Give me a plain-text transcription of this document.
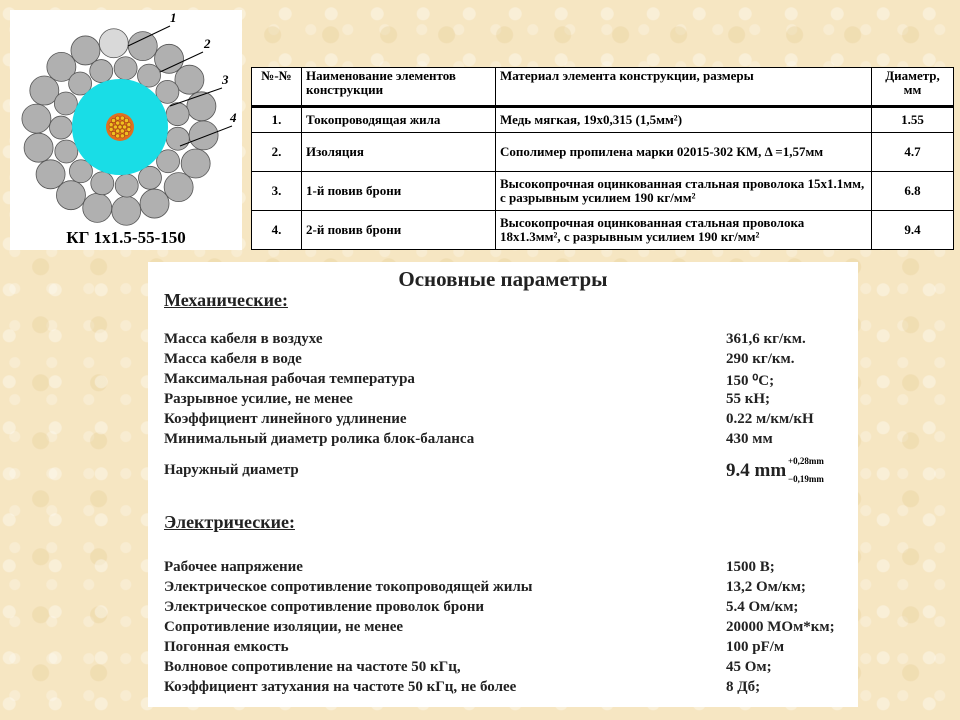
1
2
3
4
КГ 1х1.5-55-150
№-№	Наименование элементов конструкции	Материал элемента конструкции, размеры	Диаметр, мм
1.	Токопроводящая жила	Медь мягкая, 19х0,315 (1,5мм²)	1.55
2.	Изоляция	Сополимер пропилена марки 02015-302 КМ, Δ =1,57мм	4.7
3.	1-й повив брони	Высокопрочная оцинкованная стальная проволока 15х1.1мм, с разрывным усилием 190 кг/мм²	6.8
4.	2-й повив брони	Высокопрочная оцинкованная стальная проволока 18х1.3мм², с разрывным усилием 190 кг/мм²	9.4
Основные параметры
Механические:
Масса кабеля в воздухе	361,6 кг/км.
Масса кабеля в воде	290 кг/км.
Максимальная рабочая температура	150 ⁰С;
Разрывное усилие, не менее	55 кН;
Коэффициент линейного удлинение	0.22 м/км/кН
Минимальный диаметр ролика блок-баланса	430 мм
Наружный диаметр	9.4 mm +0,28mm
−0,19mm
Электрические:
Рабочее напряжение	1500 В;
Электрическое сопротивление токопроводящей жилы	13,2 Ом/км;
Электрическое сопротивление проволок брони	5.4 Ом/км;
Сопротивление изоляции, не менее	20000 МОм*км;
Погонная емкость	100 pF/м
Волновое сопротивление на частоте 50 кГц,	45 Ом;
Коэффициент затухания на частоте 50 кГц, не более	8 Дб;
